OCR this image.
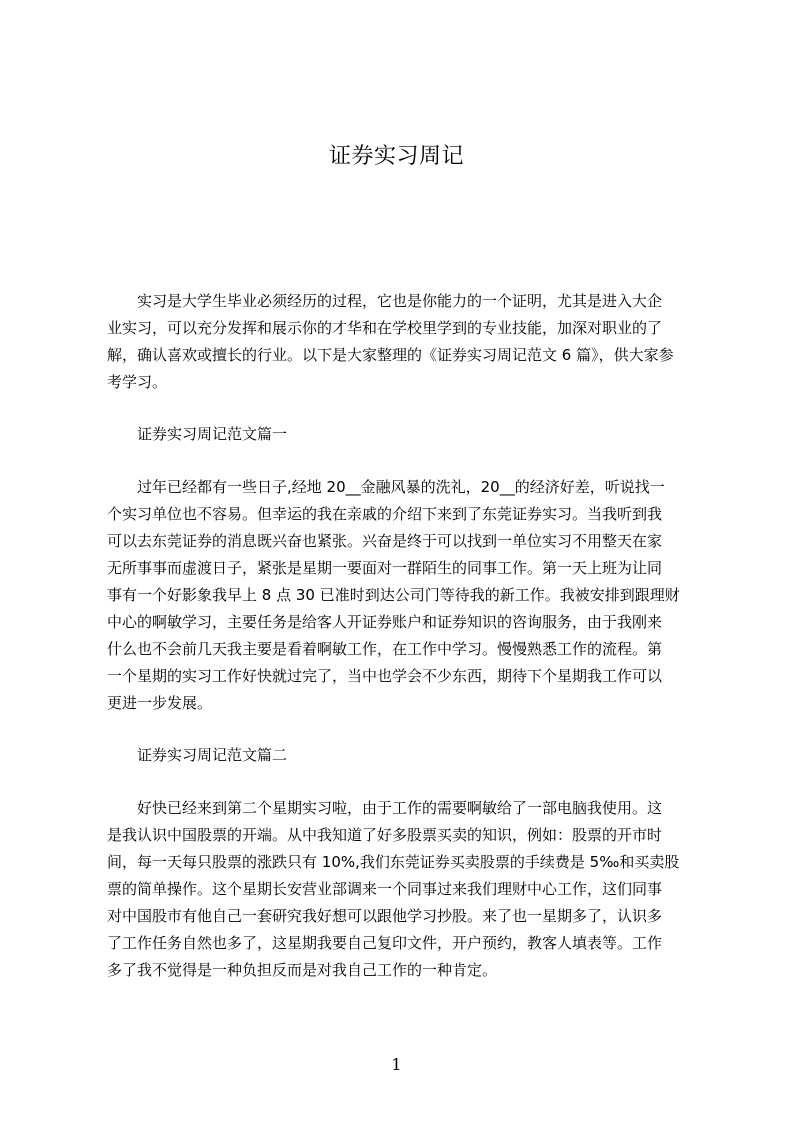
证券实习周记
实习是大学生毕业必须经历的过程，它也是你能力的一个证明，尤其是进入大企
业实习，可以充分发挥和展示你的才华和在学校里学到的专业技能，加深对职业的了
解，确认喜欢或擅长的行业。以下是大家整理的《证券实习周记范文 6 篇》，供大家参
考学习。
证券实习周记范文篇一
过年已经都有一些日子,经地 20__金融风暴的洗礼，20__的经济好差，听说找一
个实习单位也不容易。但幸运的我在亲戚的介绍下来到了东莞证券实习。当我听到我
可以去东莞证券的消息既兴奋也紧张。兴奋是终于可以找到一单位实习不用整天在家
无所事事而虚渡日子，紧张是星期一要面对一群陌生的同事工作。第一天上班为让同
事有一个好影象我早上 8 点 30 已准时到达公司门等待我的新工作。我被安排到跟理财
中心的啊敏学习，主要任务是给客人开证券账户和证券知识的咨询服务，由于我刚来
什么也不会前几天我主要是看着啊敏工作，在工作中学习。慢慢熟悉工作的流程。第
一个星期的实习工作好快就过完了，当中也学会不少东西，期待下个星期我工作可以
更进一步发展。
证券实习周记范文篇二
好快已经来到第二个星期实习啦，由于工作的需要啊敏给了一部电脑我使用。这
是我认识中国股票的开端。从中我知道了好多股票买卖的知识，例如：股票的开市时
间，每一天每只股票的涨跌只有 10%,我们东莞证券买卖股票的手续费是 5‰和买卖股
票的简单操作。这个星期长安营业部调来一个同事过来我们理财中心工作，这们同事
对中国股市有他自己一套研究我好想可以跟他学习抄股。来了也一星期多了，认识多
了工作任务自然也多了，这星期我要自己复印文件，开户预约，教客人填表等。工作
多了我不觉得是一种负担反而是对我自己工作的一种肯定。
1
